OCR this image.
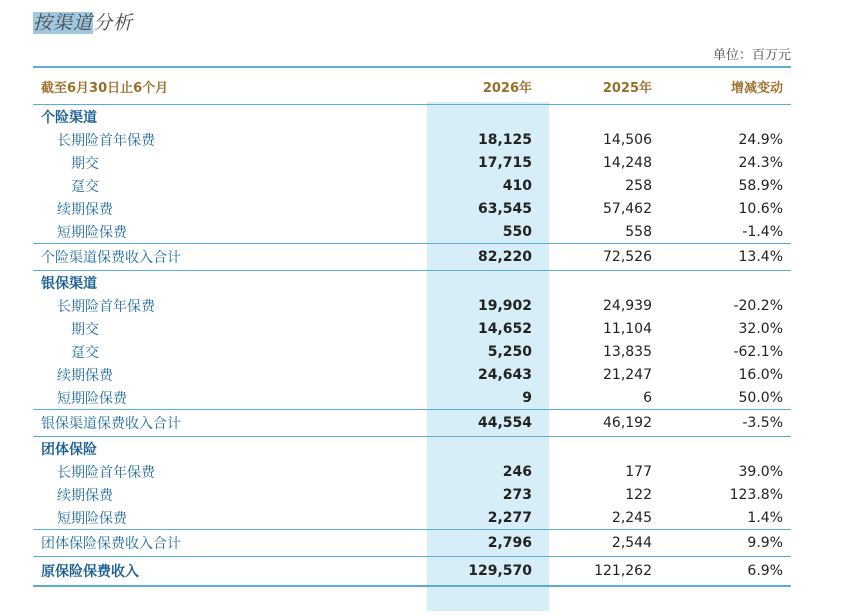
按渠道分析
单位：百万元
截至6月30日止6个月	2026年	2025年	增减变动
个险渠道			
长期险首年保费	18,125	14,506	24.9%
期交	17,715	14,248	24.3%
趸交	410	258	58.9%
续期保费	63,545	57,462	10.6%
短期险保费	550	558	-1.4%
个险渠道保费收入合计	82,220	72,526	13.4%
银保渠道			
长期险首年保费	19,902	24,939	-20.2%
期交	14,652	11,104	32.0%
趸交	5,250	13,835	-62.1%
续期保费	24,643	21,247	16.0%
短期险保费	9	6	50.0%
银保渠道保费收入合计	44,554	46,192	-3.5%
团体保险			
长期险首年保费	246	177	39.0%
续期保费	273	122	123.8%
短期险保费	2,277	2,245	1.4%
团体保险保费收入合计	2,796	2,544	9.9%
原保险保费收入	129,570	121,262	6.9%
